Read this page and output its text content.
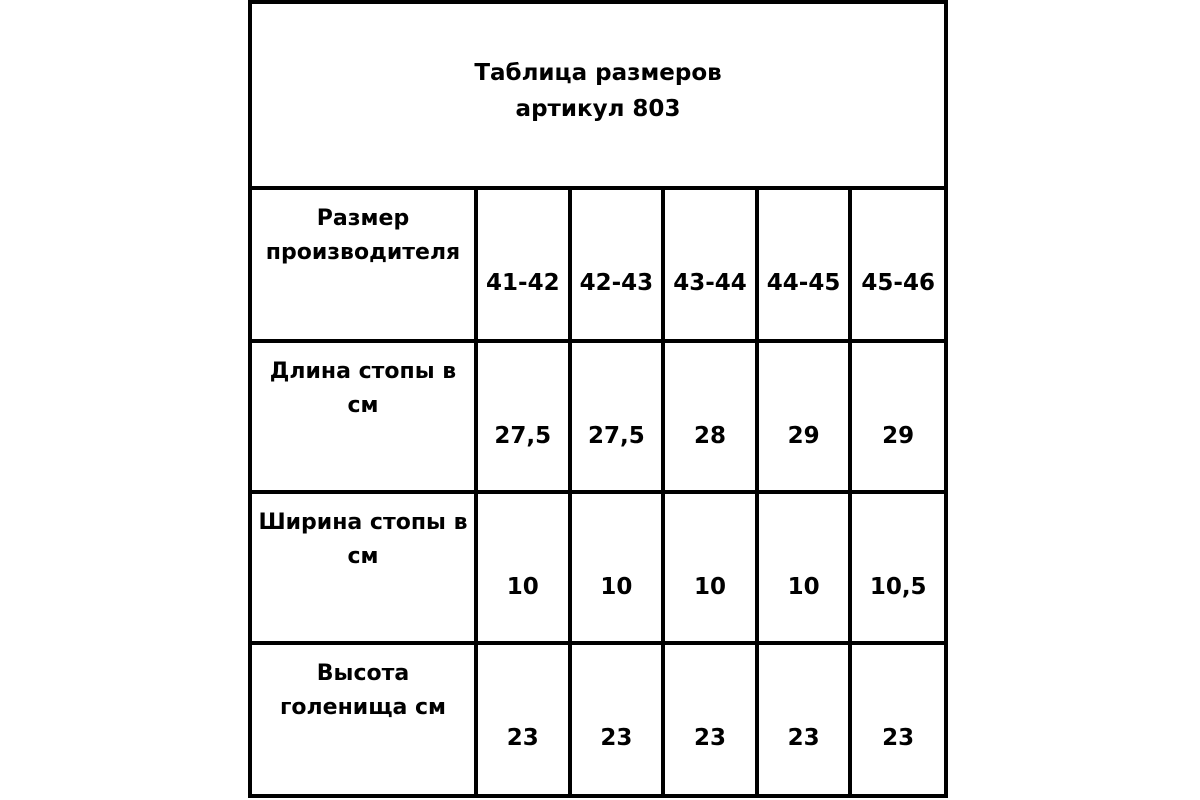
Таблица размеров
артикул 803
Размер
производителя	41-42	42-43	43-44	44-45	45-46

Длина стопы в
см	27,5	27,5	28	29	29

Ширина стопы в
см	10	10	10	10	10,5

Высота
голенища см	23	23	23	23	23
